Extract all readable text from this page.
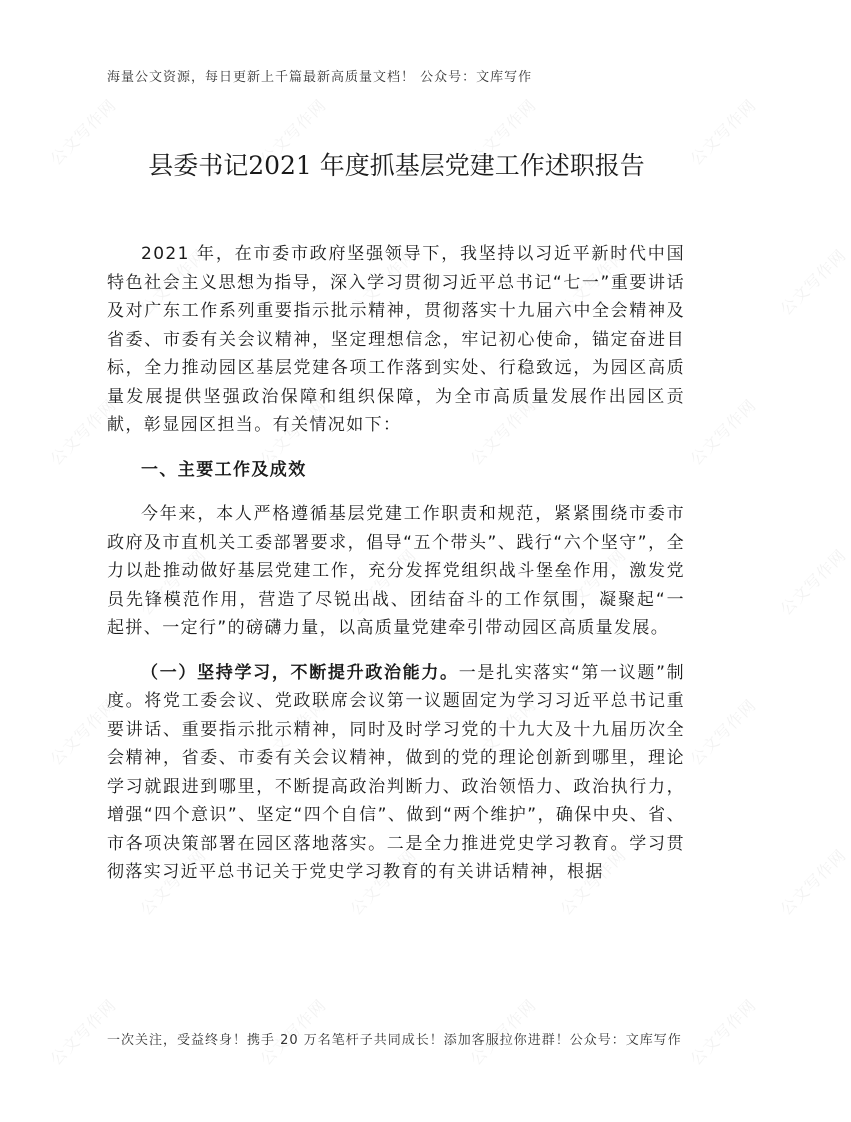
公文写作网	公文写作网	公文写作网	公文写作网
公文写作网	公文写作网	公文写作网	公文写作网
公文写作网	公文写作网	公文写作网	公文写作网
公文写作网	公文写作网	公文写作网	公文写作网
公文写作网	公文写作网	公文写作网	公文写作网
公文写作网	公文写作网	公文写作网	公文写作网
公文写作网	公文写作网	公文写作网	公文写作网
海量公文资源，每日更新上千篇最新高质量文档！ 公众号：文库写作
县委书记2021 年度抓基层党建工作述职报告

2021 年，在市委市政府坚强领导下，我坚持以习近平新时代中国特色社会主义思想为指导，深入学习贯彻习近平总书记“七一”重要讲话及对广东工作系列重要指示批示精神，贯彻落实十九届六中全会精神及省委、市委有关会议精神，坚定理想信念，牢记初心使命，锚定奋进目标，全力推动园区基层党建各项工作落到实处、行稳致远，为园区高质量发展提供坚强政治保障和组织保障，为全市高质量发展作出园区贡献，彰显园区担当。有关情况如下：

一、主要工作及成效

今年来，本人严格遵循基层党建工作职责和规范，紧紧围绕市委市政府及市直机关工委部署要求，倡导“五个带头”、践行“六个坚守”，全力以赴推动做好基层党建工作，充分发挥党组织战斗堡垒作用，激发党员先锋模范作用，营造了尽锐出战、团结奋斗的工作氛围，凝聚起“一起拼、一定行”的磅礴力量，以高质量党建牵引带动园区高质量发展。

（一）坚持学习，不断提升政治能力。一是扎实落实“第一议题”制度。将党工委会议、党政联席会议第一议题固定为学习习近平总书记重要讲话、重要指示批示精神，同时及时学习党的十九大及十九届历次全会精神，省委、市委有关会议精神，做到的党的理论创新到哪里，理论学习就跟进到哪里，不断提高政治判断力、政治领悟力、政治执行力，增强“四个意识”、坚定“四个自信”、做到“两个维护”，确保中央、省、市各项决策部署在园区落地落实。二是全力推进党史学习教育。学习贯彻落实习近平总书记关于党史学习教育的有关讲话精神，根据

一次关注，受益终身！携手 20 万名笔杆子共同成长！添加客服拉你进群！公众号：文库写作
